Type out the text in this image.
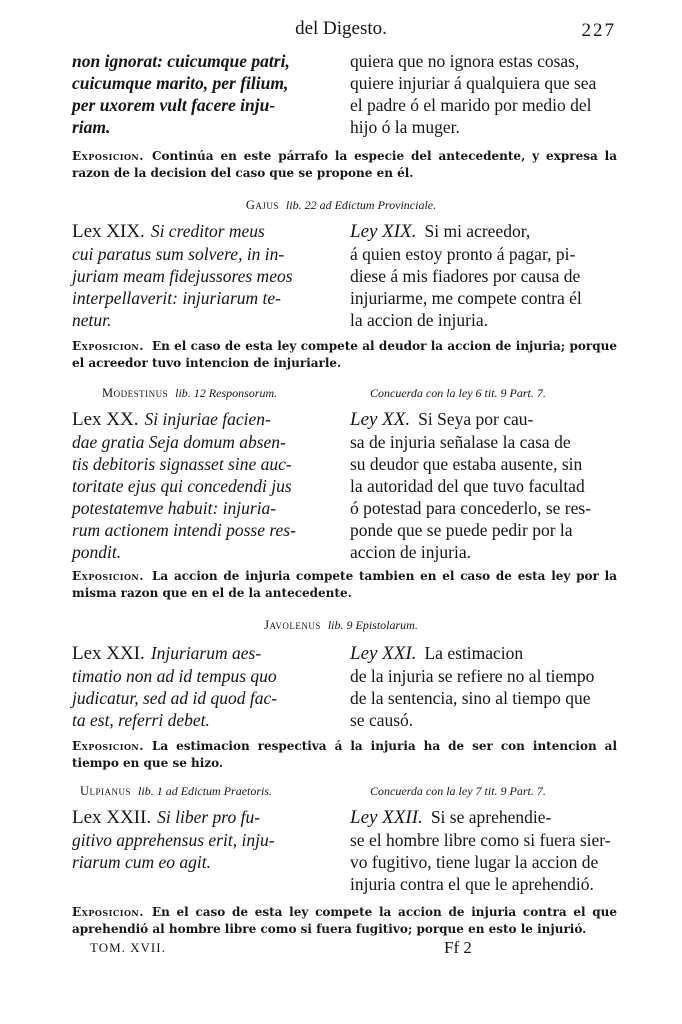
del Digesto.	227
non ignorat: cuicumque patri,
cuicumque marito, per filium,
per uxorem vult facere inju-
riam.
quiera que no ignora estas cosas,
quiere injuriar á qualquiera que sea
el padre ó el marido por medio del
hijo ó la muger.
Exposicion. Continúa en este párrafo la especie del antecedente, y expresa la razon de la decision del caso que se propone en él.
Gajus lib. 22 ad Edictum Provinciale.
Lex XIX. Si creditor meus
cui paratus sum solvere, in in-
juriam meam fidejussores meos
interpellaverit: injuriarum te-
netur.
Ley XIX. Si mi acreedor,
á quien estoy pronto á pagar, pi-
diese á mis fiadores por causa de
injuriarme, me compete contra él
la accion de injuria.
Exposicion. En el caso de esta ley compete al deudor la accion de injuria; porque el acreedor tuvo intencion de injuriarle.
Modestinus lib. 12 Responsorum.	Concuerda con la ley 6 tit. 9 Part. 7.
Lex XX. Si injuriae facien-
dae gratia Seja domum absen-
tis debitoris signasset sine auc-
toritate ejus qui concedendi jus
potestatemve habuit: injuria-
rum actionem intendi posse res-
pondit.
Ley XX. Si Seya por cau-
sa de injuria señalase la casa de
su deudor que estaba ausente, sin
la autoridad del que tuvo facultad
ó potestad para concederlo, se res-
ponde que se puede pedir por la
accion de injuria.
Exposicion. La accion de injuria compete tambien en el caso de esta ley por la misma razon que en el de la antecedente.
Javolenus lib. 9 Epistolarum.
Lex XXI. Injuriarum aes-
timatio non ad id tempus quo
judicatur, sed ad id quod fac-
ta est, referri debet.
Ley XXI. La estimacion
de la injuria se refiere no al tiempo
de la sentencia, sino al tiempo que
se causó.
Exposicion. La estimacion respectiva á la injuria ha de ser con intencion al tiempo en que se hizo.
Ulpianus lib. 1 ad Edictum Praetoris.	Concuerda con la ley 7 tit. 9 Part. 7.
Lex XXII. Si liber pro fu-
gitivo apprehensus erit, inju-
riarum cum eo agit.
Ley XXII. Si se aprehendie-
se el hombre libre como si fuera sier-
vo fugitivo, tiene lugar la accion de
injuria contra el que le aprehendió.
Exposicion. En el caso de esta ley compete la accion de injuria contra el que aprehendió al hombre libre como si fuera fugitivo; porque en esto le injurió.
TOM. XVII.	Ff 2
